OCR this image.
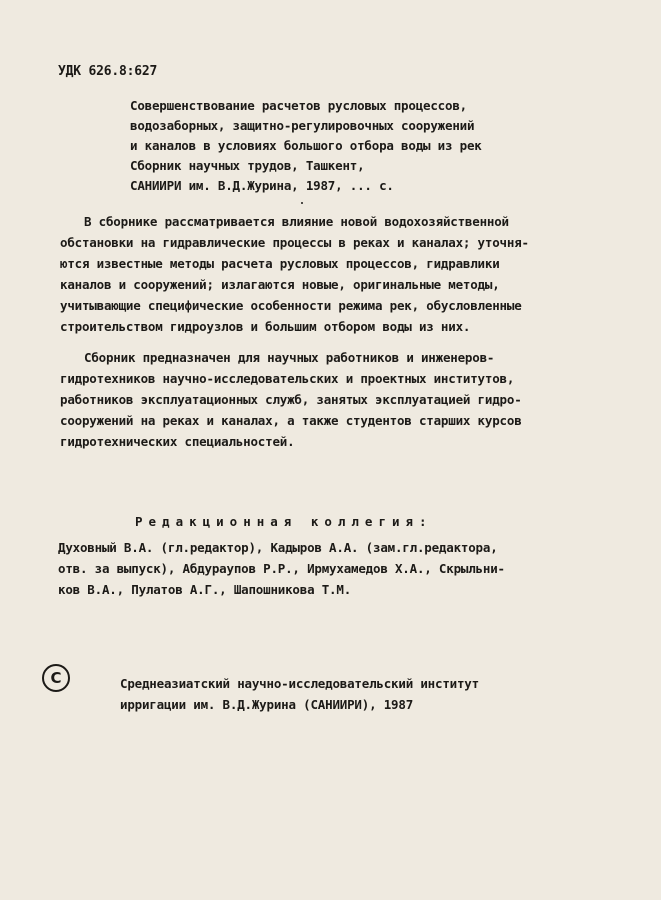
УДК 626.8:627
Совершенствование расчетов русловых процессов,
водозаборных, защитно-регулировочных сооружений
и каналов в условиях большого отбора воды из рек
Сборник научных трудов, Ташкент,
САНИИРИ им. В.Д.Журина, 1987, ... с.
В сборнике рассматривается влияние новой водохозяйственной
обстановки на гидравлические процессы в реках и каналах; уточня-
ются известные методы расчета русловых процессов, гидравлики
каналов и сооружений; излагаются новые, оригинальные методы,
учитывающие специфические особенности режима рек, обусловленные
строительством гидроузлов и большим отбором воды из них.
Сборник предназначен для научных работников и инженеров-
гидротехников научно-исследовательских и проектных институтов,
работников эксплуатационных служб, занятых эксплуатацией гидро-
сооружений на реках и каналах, а также студентов старших курсов
гидротехнических специальностей.
Редакционная коллегия:
Духовный В.А. (гл.редактор), Кадыров А.А. (зам.гл.редактора,
отв. за выпуск), Абдураупов Р.Р., Ирмухамедов Х.А., Скрыльни-
ков В.А., Пулатов А.Г., Шапошникова Т.М.
C	Среднеазиатский научно-исследовательский институт
ирригации им. В.Д.Журина (САНИИРИ), 1987
